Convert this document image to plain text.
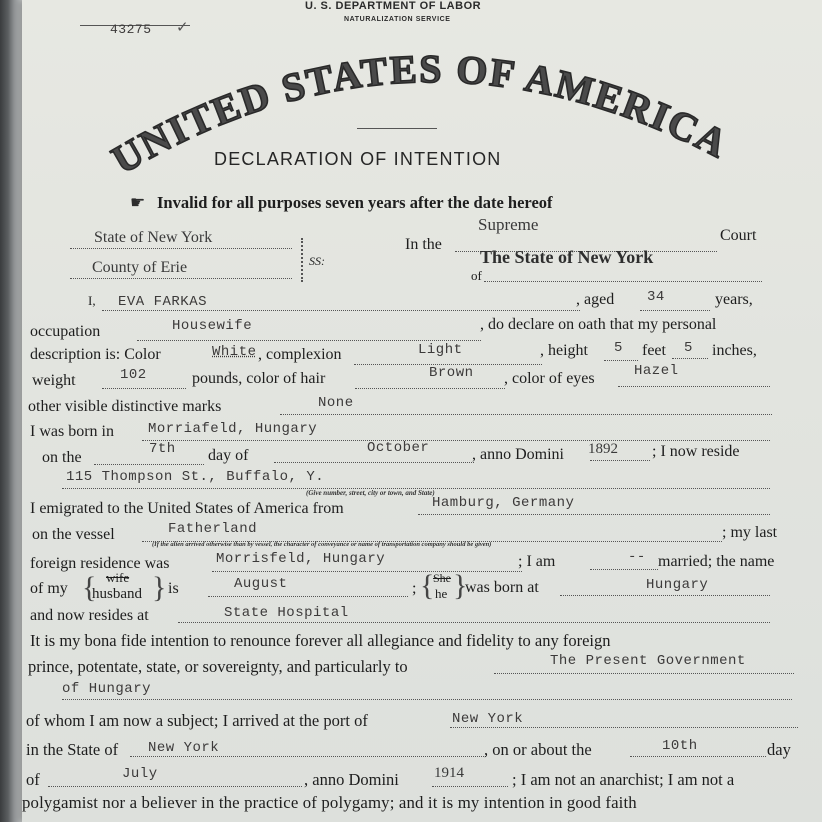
U. S. DEPARTMENT OF LABOR
NATURALIZATION SERVICE
43275 ✓
UNITED STATES OF AMERICA
DECLARATION OF INTENTION
☛ Invalid for all purposes seven years after the date hereof
State of New York
County of Erie	SS:
In the
Supreme
Court
of
The State of New York
I, EVA FARKAS	, aged 34	years,
occupation	Housewife	, do declare on oath that my personal
description is: Color	White , complexion	Light	, height 5 feet 5 inches,
weight	102	pounds, color of hair	Brown , color of eyes	Hazel
other visible distinctive marks	None
I was born in Morriafeld, Hungary
on the	7th day of	October	, anno Domini 1892 ; I now reside
115 Thompson St., Buffalo, Y.
(Give number, street, city or town, and State)
I emigrated to the United States of America from	Hamburg, Germany
on the vessel	Fatherland	; my last
(If the alien arrived otherwise than by vessel, the character of conveyance or name of transportation company should be given)
foreign residence was	Morrisfeld, Hungary	; I am	-- married; the name
of my { wife
husband } is	August	; {
She
he }
was born at	Hungary
and now resides at	State Hospital
It is my bona fide intention to renounce forever all allegiance and fidelity to any foreign
prince, potentate, state, or sovereignty, and particularly to	The Present Government
of Hungary
of whom I am now a subject; I arrived at the port of	New York
in the State of New York	, on or about the	10th	day
of	July	, anno Domini 1914	; I am not an anarchist; I am not a
polygamist nor a believer in the practice of polygamy; and it is my intention in good faith
